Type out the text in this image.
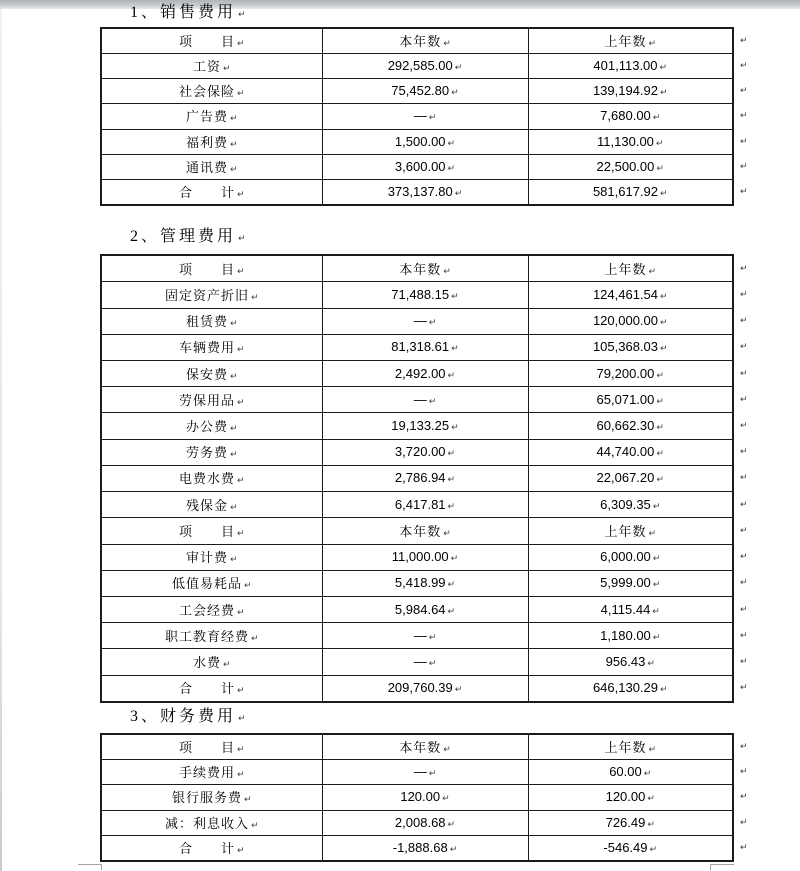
1、销售费用 ↵
项　　目 ↵	本年数 ↵	上年数 ↵ ↵

工资 ↵	292,585.00 ↵	401,113.00 ↵ ↵

社会保险 ↵	75,452.80 ↵	139,194.92 ↵ ↵

广告费 ↵	— ↵	7,680.00 ↵ ↵

福利费 ↵	1,500.00 ↵	11,130.00 ↵ ↵

通讯费 ↵	3,600.00 ↵	22,500.00 ↵ ↵

合　　计 ↵	373,137.80 ↵	581,617.92 ↵ ↵
2、管理费用 ↵
项　　目 ↵	本年数 ↵	上年数 ↵ ↵

固定资产折旧 ↵	71,488.15 ↵	124,461.54 ↵ ↵

租赁费 ↵	— ↵	120,000.00 ↵ ↵

车辆费用 ↵	81,318.61 ↵	105,368.03 ↵ ↵

保安费 ↵	2,492.00 ↵	79,200.00 ↵ ↵

劳保用品 ↵	— ↵	65,071.00 ↵ ↵

办公费 ↵	19,133.25 ↵	60,662.30 ↵ ↵

劳务费 ↵	3,720.00 ↵	44,740.00 ↵ ↵

电费水费 ↵	2,786.94 ↵	22,067.20 ↵ ↵

残保金 ↵	6,417.81 ↵	6,309.35 ↵ ↵

项　　目 ↵	本年数 ↵	上年数 ↵ ↵

审计费 ↵	11,000.00 ↵	6,000.00 ↵ ↵

低值易耗品 ↵	5,418.99 ↵	5,999.00 ↵ ↵

工会经费 ↵	5,984.64 ↵	4,115.44 ↵ ↵

职工教育经费 ↵	— ↵	1,180.00 ↵ ↵

水费 ↵	— ↵	956.43 ↵ ↵

合　　计 ↵	209,760.39 ↵	646,130.29 ↵ ↵
3、财务费用 ↵
项　　目 ↵	本年数 ↵	上年数 ↵ ↵

手续费用 ↵	— ↵	60.00 ↵ ↵

银行服务费 ↵	120.00 ↵	120.00 ↵ ↵

减：利息收入 ↵	2,008.68 ↵	726.49 ↵ ↵

合　　计 ↵	-1,888.68 ↵	-546.49 ↵ ↵
